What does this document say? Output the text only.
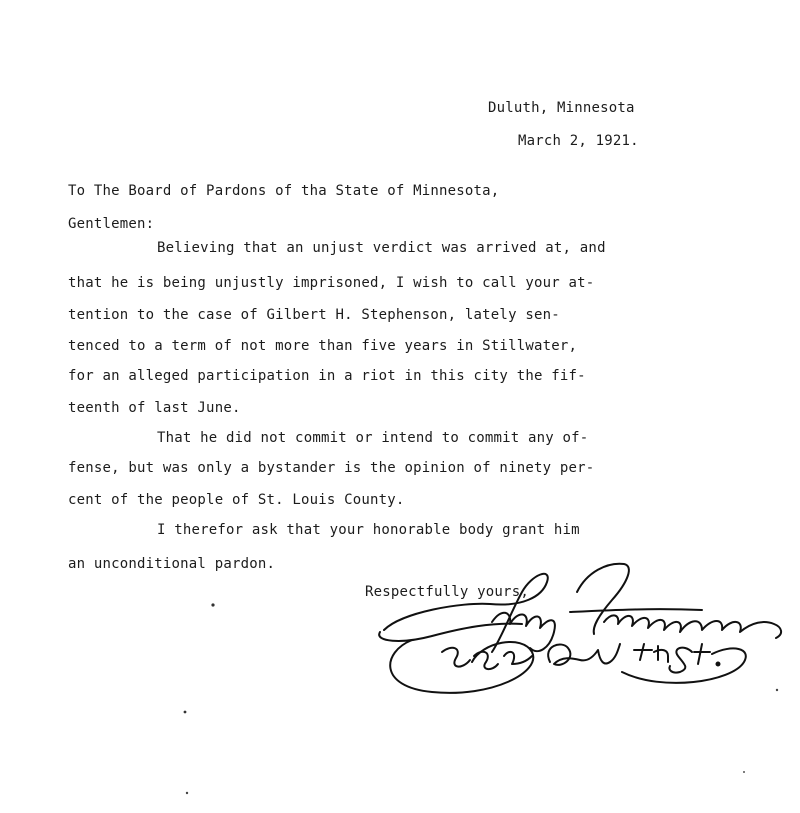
Duluth, Minnesota
March 2, 1921.
To The Board of Pardons of tha State of Minnesota,
Gentlemen:
Believing that an unjust verdict was arrived at, and
that he is being unjustly imprisoned, I wish to call your at-
tention to the case of Gilbert H. Stephenson, lately sen-
tenced to a term of not more than five years in Stillwater,
for an alleged participation in a riot in this city the fif-
teenth of last June.
That he did not commit or intend to commit any of-
fense, but was only a bystander is the opinion of ninety per-
cent of the people of St. Louis County.
I therefor ask that your honorable body grant him
an unconditional pardon.
Respectfully yours,
